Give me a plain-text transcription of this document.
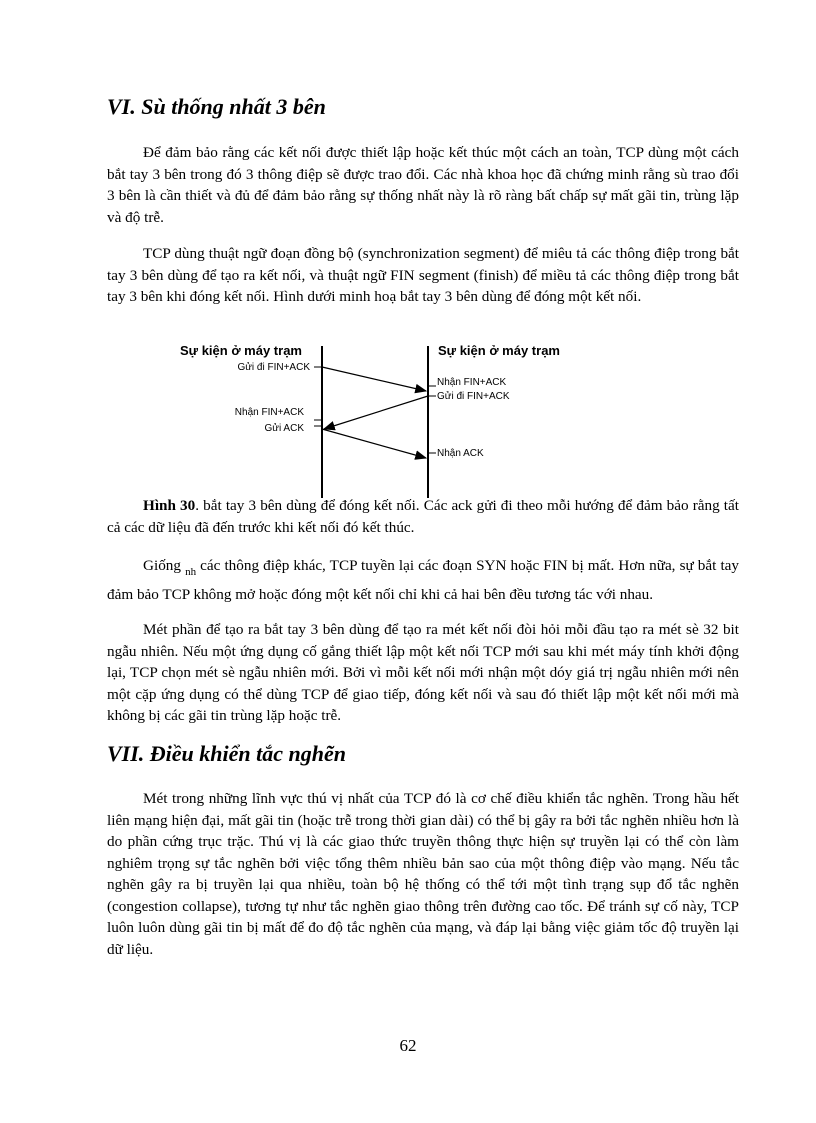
VI. Sù thống nhất 3 bên

Để đảm bảo rằng các kết nối được thiết lập hoặc kết thúc một cách an toàn, TCP dùng một cách bắt tay 3 bên trong đó 3 thông điệp sẽ được trao đổi. Các nhà khoa học đã chứng minh rằng sù trao đổi 3 bên là cần thiết và đủ để đảm bảo rằng sự thống nhất này là rõ ràng bất chấp sự mất gãi tin, trùng lặp và độ trễ.

TCP dùng thuật ngữ đoạn đồng bộ (synchronization segment) để miêu tả các thông điệp trong bắt tay 3 bên dùng để tạo ra kết nối, và thuật ngữ FIN segment (finish) để miều tả các thông điệp trong bắt tay 3 bên khi đóng kết nối. Hình dưới minh hoạ bắt tay 3 bên dùng để đóng một kết nối.

Sự kiện ở máy trạm	Sự kiện ở máy trạm
Gửi đi FIN+ACK
Nhận FIN+ACK
Gửi ACK
Nhận FIN+ACK
Gửi đi FIN+ACK
Nhận ACK

Hình 30. bắt tay 3 bên dùng để đóng kết nối. Các ack gửi đi theo mỗi hướng để đảm bảo rằng tất cả các dữ liệu đã đến trước khi kết nối đó kết thúc.

Giống $_{nh}$ các thông điệp khác, TCP tuyền lại các đoạn SYN hoặc FIN bị mất. Hơn nữa, sự bắt tay đảm bảo TCP không mở hoặc đóng một kết nối chỉ khi cả hai bên đều tương tác với nhau.

Mét phần để tạo ra bắt tay 3 bên dùng để tạo ra mét kết nối đòi hỏi mỗi đầu tạo ra mét sè 32 bit ngẫu nhiên. Nếu một ứng dụng cố gắng thiết lập một kết nối TCP mới sau khi mét máy tính khởi động lại, TCP chọn mét sè ngẫu nhiên mới. Bởi vì mỗi kết nối mới nhận một dóy giá trị ngẫu nhiên mới nên một cặp ứng dụng có thể dùng TCP để giao tiếp, đóng kết nối và sau đó thiết lập một kết nối mới mà không bị các gãi tin trùng lặp hoặc trễ.

VII. Điều khiển tắc nghẽn

Mét trong những lĩnh vực thú vị nhất của TCP đó là cơ chế điều khiển tắc nghẽn. Trong hầu hết liên mạng hiện đại, mất gãi tin (hoặc trễ trong thời gian dài) có thể bị gây ra bởi tắc nghẽn nhiều hơn là do phần cứng trục trặc. Thú vị là các giao thức truyền thông thực hiện sự truyền lại có thể còn làm nghiêm trọng sự tắc nghẽn bởi việc tổng thêm nhiều bản sao của một thông điệp vào mạng. Nếu tắc nghẽn gây ra bị truyền lại qua nhiều, toàn bộ hệ thống có thể tới một tình trạng sụp đổ tắc nghẽn (congestion collapse), tương tự như tắc nghẽn giao thông trên đường cao tốc. Để tránh sự cố này, TCP luôn luôn dùng gãi tin bị mất để đo độ tắc nghẽn của mạng, và đáp lại bằng việc giảm tốc độ truyền lại dữ liệu.

62
